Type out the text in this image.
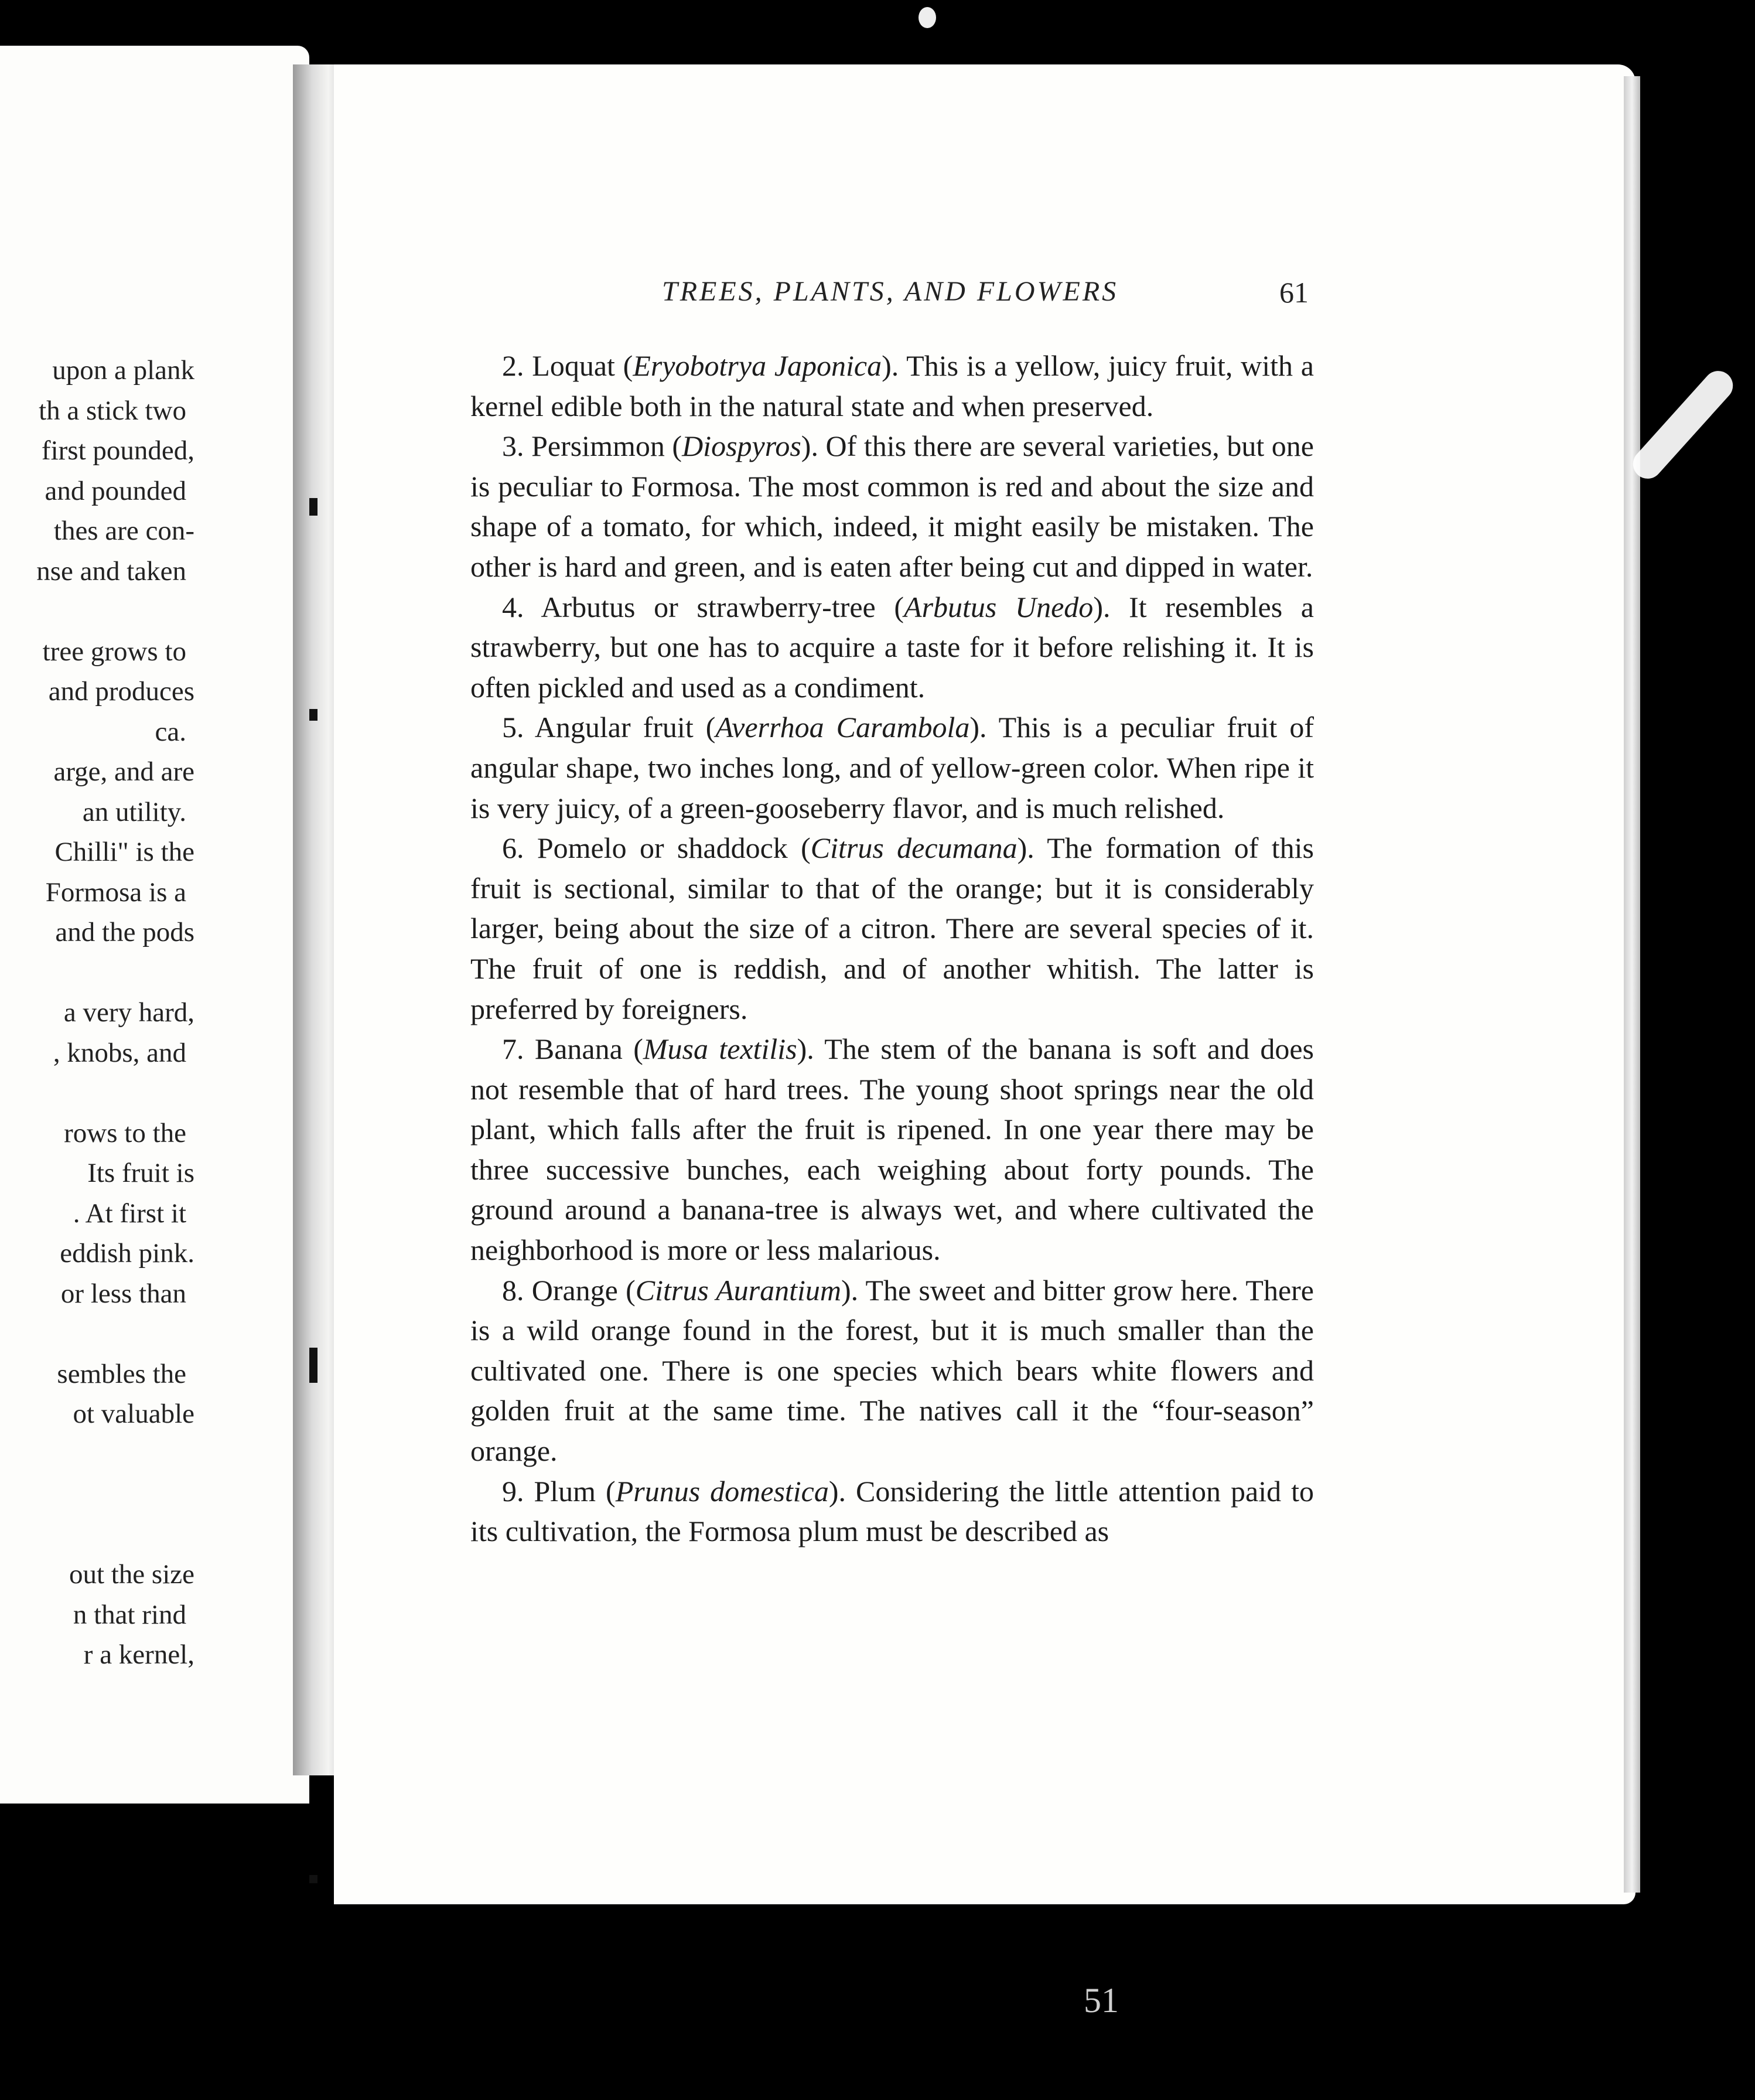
upon a plank
th a stick two
first pounded,
and pounded
thes are con-
nse and taken
tree grows to
and produces
ca.
arge, and are
an utility.
Chilli" is the
Formosa is a
and the pods
a very hard,
, knobs, and
rows to the
Its fruit is
. At first it
eddish pink.
or less than
sembles the
ot valuable
out the size
n that rind
r a kernel,
TREES, PLANTS, AND FLOWERS	61

2. Loquat (Eryobotrya Japonica). This is a yellow, juicy fruit, with a kernel edible both in the natural state and when preserved.

3. Persimmon (Diospyros). Of this there are several varieties, but one is peculiar to Formosa. The most common is red and about the size and shape of a tomato, for which, indeed, it might easily be mistaken. The other is hard and green, and is eaten after being cut and dipped in water.

4. Arbutus or strawberry-tree (Arbutus Unedo). It resembles a strawberry, but one has to acquire a taste for it before relishing it. It is often pickled and used as a condiment.

5. Angular fruit (Averrhoa Carambola). This is a peculiar fruit of angular shape, two inches long, and of yellow-green color. When ripe it is very juicy, of a green-gooseberry flavor, and is much relished.

6. Pomelo or shaddock (Citrus decumana). The formation of this fruit is sectional, similar to that of the orange; but it is considerably larger, being about the size of a citron. There are several species of it. The fruit of one is reddish, and of another whitish. The latter is preferred by foreigners.

7. Banana (Musa textilis). The stem of the banana is soft and does not resemble that of hard trees. The young shoot springs near the old plant, which falls after the fruit is ripened. In one year there may be three successive bunches, each weighing about forty pounds. The ground around a banana-tree is always wet, and where cultivated the neighborhood is more or less malarious.

8. Orange (Citrus Aurantium). The sweet and bitter grow here. There is a wild orange found in the forest, but it is much smaller than the cultivated one. There is one species which bears white flowers and golden fruit at the same time. The natives call it the “four-season” orange.

9. Plum (Prunus domestica). Considering the little attention paid to its cultivation, the Formosa plum must be described as

51
